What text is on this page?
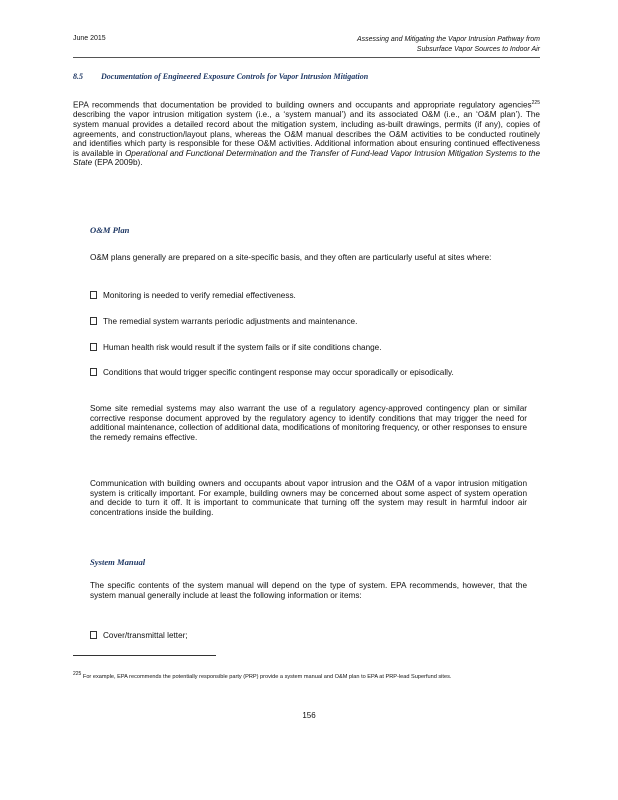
June 2015	Assessing and Mitigating the Vapor Intrusion Pathway from
Subsurface Vapor Sources to Indoor Air
8.5 Documentation of Engineered Exposure Controls for Vapor Intrusion Mitigation
EPA recommends that documentation be provided to building owners and occupants and appropriate regulatory agencies$^{225}$ describing the vapor intrusion mitigation system (i.e., a ‘system manual’) and its associated O&M (i.e., an ‘O&M plan’). The system manual provides a detailed record about the mitigation system, including as-built drawings, permits (if any), copies of agreements, and construction/layout plans, whereas the O&M manual describes the O&M activities to be conducted routinely and identifies which party is responsible for these O&M activities. Additional information about ensuring continued effectiveness is available in Operational and Functional Determination and the Transfer of Fund-lead Vapor Intrusion Mitigation Systems to the State (EPA 2009b).
O&M Plan
O&M plans generally are prepared on a site-specific basis, and they often are particularly useful at sites where:
Monitoring is needed to verify remedial effectiveness.
The remedial system warrants periodic adjustments and maintenance.
Human health risk would result if the system fails or if site conditions change.
Conditions that would trigger specific contingent response may occur sporadically or episodically.
Some site remedial systems may also warrant the use of a regulatory agency-approved contingency plan or similar corrective response document approved by the regulatory agency to identify conditions that may trigger the need for additional maintenance, collection of additional data, modifications of monitoring frequency, or other responses to ensure the remedy remains effective.
Communication with building owners and occupants about vapor intrusion and the O&M of a vapor intrusion mitigation system is critically important. For example, building owners may be concerned about some aspect of system operation and decide to turn it off. It is important to communicate that turning off the system may result in harmful indoor air concentrations inside the building.
System Manual
The specific contents of the system manual will depend on the type of system. EPA recommends, however, that the system manual generally include at least the following information or items:
Cover/transmittal letter;
225 For example, EPA recommends the potentially responsible party (PRP) provide a system manual and O&M plan to EPA at PRP-lead Superfund sites.
156
